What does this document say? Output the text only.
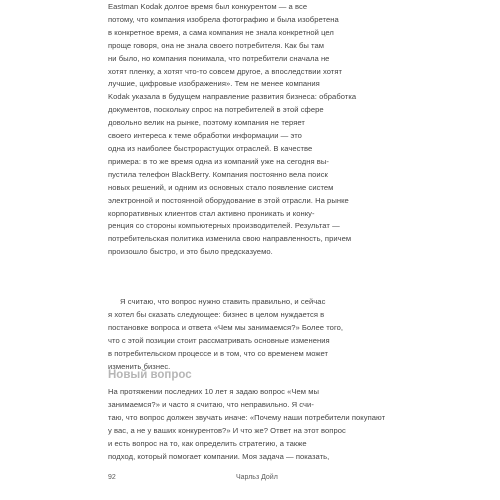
Eastman Kodak долгое время был конкурентом — а все

потому, что компания изобрела фотографию и была изобретена

в конкретное время, а сама компания не знала конкретной цел

проще говоря, она не знала своего потребителя. Как бы там

ни было, но компания понимала, что потребители сначала не

хотят пленку, а хотят что-то совсем другое, а впоследствии хотят

лучшие, цифровые изображения». Тем не менее компания

Kodak указала в будущем направление развития бизнеса: обработка

документов, поскольку спрос на потребителей в этой сфере

довольно велик на рынке, поэтому компания не теряет

своего интереса к теме обработки информации — это

одна из наиболее быстрорастущих отраслей. В качестве

примера: в то же время одна из компаний уже на сегодня вы-

пустила телефон BlackBerry. Компания постоянно вела поиск

новых решений, и одним из основных стало появление систем

электронной и постоянной оборудование в этой отрасли. На рынке

корпоративных клиентов стал активно проникать и конку-

ренция со стороны компьютерных производителей. Результат —

потребительская политика изменила свою направленность, причем

произошло быстро, и это было предсказуемо.

Я считаю, что вопрос нужно ставить правильно, и сейчас

я хотел бы сказать следующее: бизнес в целом нуждается в

постановке вопроса и ответа «Чем мы занимаемся?» Более того,

что с этой позиции стоит рассматривать основные изменения

в потребительском процессе и в том, что со временем может

изменить бизнес.

Новый вопрос

На протяжении последних 10 лет я задаю вопрос «Чем мы

занимаемся?» и часто я считаю, что неправильно. Я счи-

таю, что вопрос должен звучать иначе: «Почему наши потребители покупают

у вас, а не у ваших конкурентов?» И что же? Ответ на этот вопрос

и есть вопрос на то, как определить стратегию, а также

подход, который помогает компании. Моя задача — показать,

92	Чарльз Дойл
